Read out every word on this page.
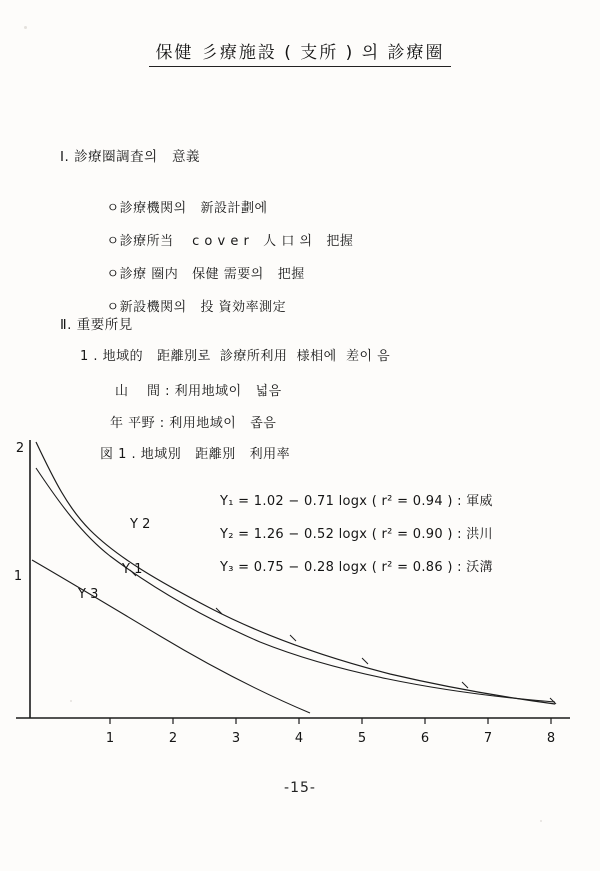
保健 彡療施設 ( 支所 ) 의 診療圈
Ⅰ. 診療圈調査의   意義

ㅇ診療機関의   新設計劃에

ㅇ診療所当    c o v e r   人 口 의   把握

ㅇ診療 圈内   保健 需要의   把握

ㅇ新設機関의   投 資効率測定

Ⅱ. 重要所見
1 . 地域的   距離別로  診療所利用  様相에  差이 음
山    間 : 利用地域이   넓음
年 平野 : 利用地域이   좁음

図 1 . 地域別   距離別   利用率
1	2	3	4	5	6	7	8
2
1
Y 2
Y 1
Y 3
Y₁ = 1.02 − 0.71 logx ( r² = 0.94 ) : 軍威
Y₂ = 1.26 − 0.52 logx ( r² = 0.90 ) : 洪川
Y₃ = 0.75 − 0.28 logx ( r² = 0.86 ) : 沃溝
-15-
